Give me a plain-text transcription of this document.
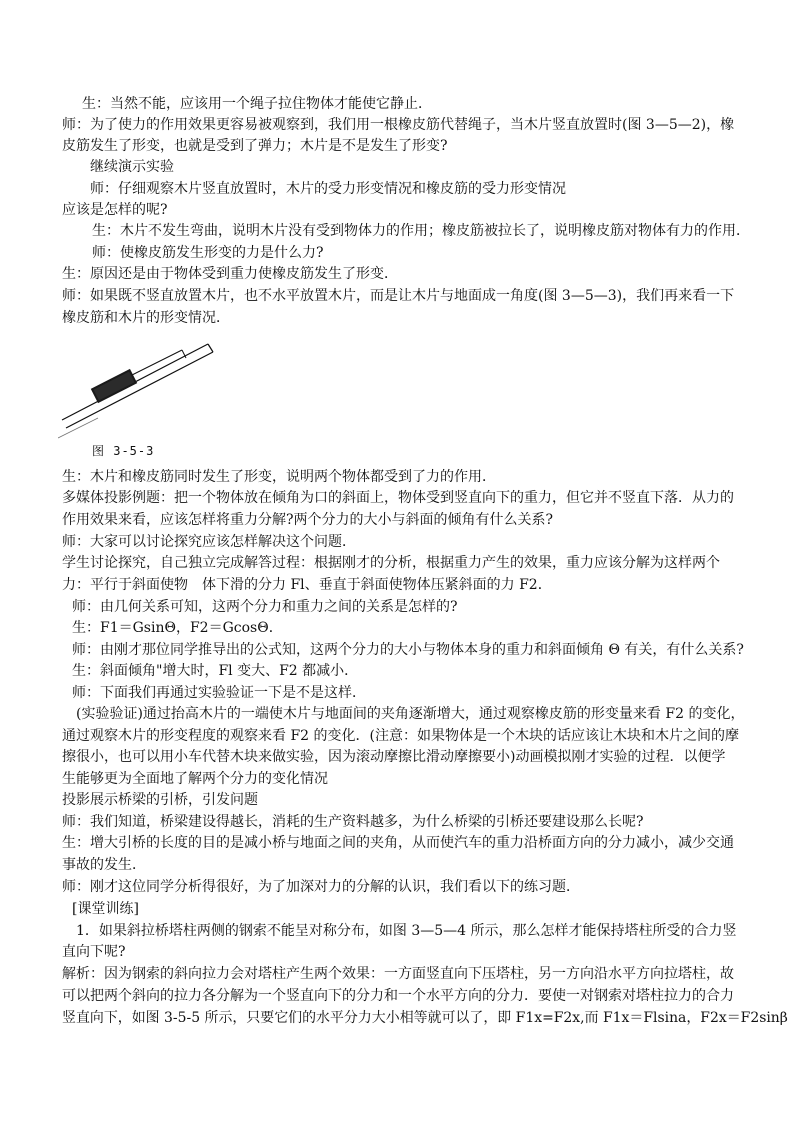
生：当然不能，应该用一个绳子拉住物体才能使它静止．
师：为了使力的作用效果更容易被观察到，我们用一根橡皮筋代替绳子，当木片竖直放置时(图 3—5—2)，橡
皮筋发生了形变，也就是受到了弹力；木片是不是发生了形变?
继续演示实验
师：仔细观察木片竖直放置时，木片的受力形变情况和橡皮筋的受力形变情况
应该是怎样的呢?
生：木片不发生弯曲，说明木片没有受到物体力的作用；橡皮筋被拉长了，说明橡皮筋对物体有力的作用．
师：使橡皮筋发生形变的力是什么力?
生：原因还是由于物体受到重力使橡皮筋发生了形变．
师：如果既不竖直放置木片，也不水平放置木片，而是让木片与地面成一角度(图 3—5—3)，我们再来看一下
橡皮筋和木片的形变情况．
图 3-5-3
生：木片和橡皮筋同时发生了形变，说明两个物体都受到了力的作用．
多媒体投影例题：把一个物体放在倾角为口的斜面上，物体受到竖直向下的重力，但它并不竖直下落．从力的
作用效果来看，应该怎样将重力分解?两个分力的大小与斜面的倾角有什么关系?
师：大家可以讨论探究应该怎样解决这个问题．
学生讨论探究，自己独立完成解答过程：根据刚才的分析，根据重力产生的效果，重力应该分解为这样两个
力：平行于斜面使物　体下滑的分力 Fl、垂直于斜面使物体压紧斜面的力 F2．
师：由几何关系可知，这两个分力和重力之间的关系是怎样的?
生：F1＝GsinΘ，F2＝GcosΘ．
师：由刚才那位同学推导出的公式知，这两个分力的大小与物体本身的重力和斜面倾角 Θ 有关，有什么关系?
生：斜面倾角"增大时，Fl 变大、F2 都减小．
师：下面我们再通过实验验证一下是不是这样．
(实验验证)通过抬高木片的一端使木片与地面间的夹角逐渐增大，通过观察橡皮筋的形变量来看 F2 的变化，
通过观察木片的形变程度的观察来看 F2 的变化．(注意：如果物体是一个木块的话应该让木块和木片之间的摩
擦很小，也可以用小车代替木块来做实验，因为滚动摩擦比滑动摩擦要小)动画模拟刚才实验的过程．以便学
生能够更为全面地了解两个分力的变化情况
投影展示桥梁的引桥，引发问题
师：我们知道，桥梁建设得越长，消耗的生产资料越多，为什么桥梁的引桥还要建设那么长呢?
生：增大引桥的长度的目的是减小桥与地面之间的夹角，从而使汽车的重力沿桥面方向的分力减小，减少交通
事故的发生．
师：刚才这位同学分析得很好，为了加深对力的分解的认识，我们看以下的练习题．
[课堂训练]
1．如果斜拉桥塔柱两侧的钢索不能呈对称分布，如图 3—5—4 所示，那么怎样才能保持塔柱所受的合力竖
直向下呢?
解析：因为钢索的斜向拉力会对塔柱产生两个效果：一方面竖直向下压塔柱，另一方向沿水平方向拉塔柱，故
可以把两个斜向的拉力各分解为一个竖直向下的分力和一个水平方向的分力．要使一对钢索对塔柱拉力的合力
竖直向下，如图 3-5-5 所示，只要它们的水平分力大小相等就可以了，即 F1x=F2x,而 F1x＝Flsina，F2x＝F2sinβ
